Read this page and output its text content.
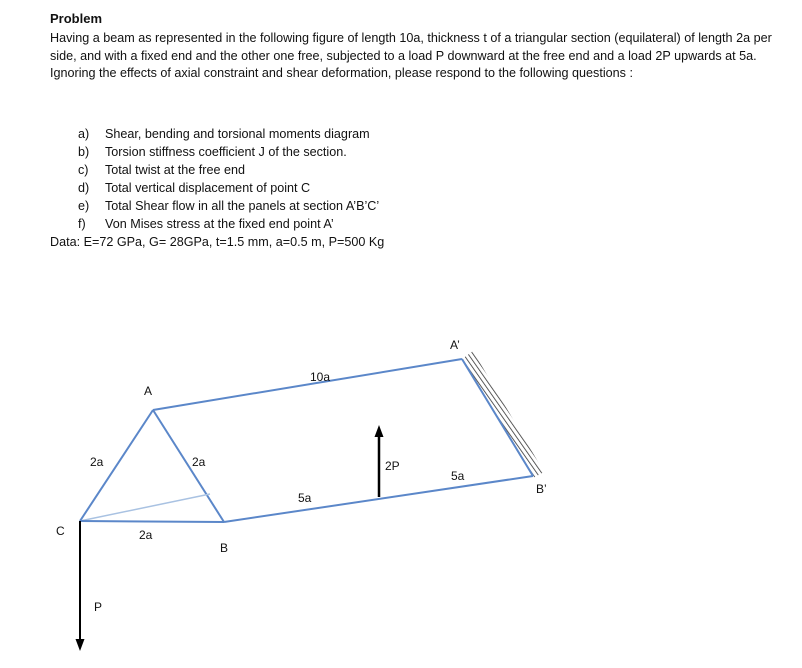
Problem
Having a beam as represented in the following figure of length 10a, thickness t of a triangular section (equilateral) of length 2a per side, and with a fixed end and the other one free, subjected to a load P downward at the free end and a load 2P upwards at 5a. Ignoring the effects of axial constraint and shear deformation, please respond to the following questions :
a)	Shear, bending and torsional moments diagram
b)	Torsion stiffness coefficient J of the section.
c)	Total twist at the free end
d)	Total vertical displacement of point C
e)	Total Shear flow in all the panels at section A’B’C’
f)	Von Mises stress at the fixed end point A’
Data: E=72 GPa, G= 28GPa, t=1.5 mm, a=0.5 m, P=500 Kg
A
A’
B
B’
C
2a	2a
2a
10a
5a
5a
2P
P
